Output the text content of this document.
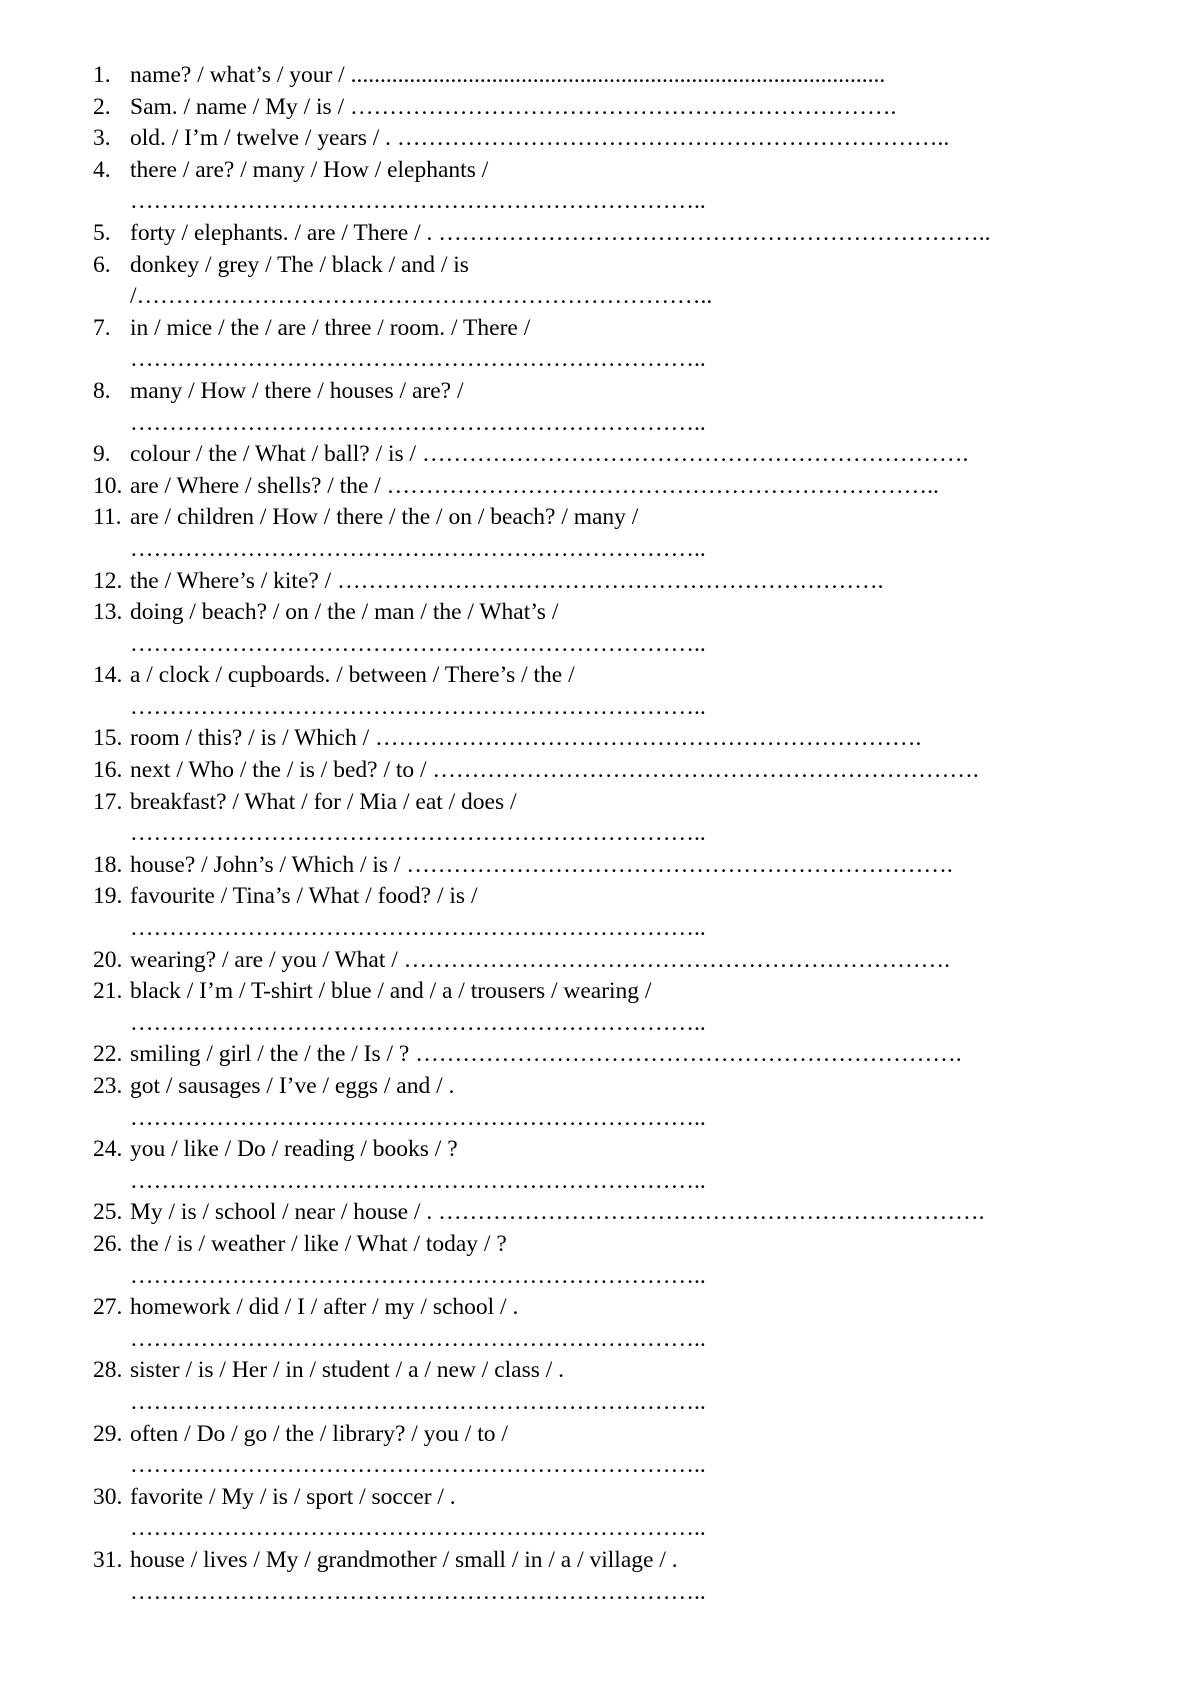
1. name? / what’s / your / ...........................................................................................
2. Sam. / name / My / is / …………………………………………………………….
3. old. / I’m / twelve / years / . ……………………………………………………………..
4. there / are? / many / How / elephants /
………………………………………………………………..
5. forty / elephants. / are / There / . ……………………………………………………………..
6. donkey / grey / The / black / and / is
/………………………………………………………………..
7. in / mice / the / are / three / room. / There /
………………………………………………………………..
8. many / How / there / houses / are? /
………………………………………………………………..
9. colour / the / What / ball? / is / …………………………………………………………….
10. are / Where / shells? / the / ……………………………………………………………..
11. are / children / How / there / the / on / beach? / many /
………………………………………………………………..
12. the / Where’s / kite? / …………………………………………………………….
13. doing / beach? / on / the / man / the / What’s /
………………………………………………………………..
14. a / clock / cupboards. / between / There’s / the /
………………………………………………………………..
15. room / this? / is / Which / …………………………………………………………….
16. next / Who / the / is / bed? / to / …………………………………………………………….
17. breakfast? / What / for / Mia / eat / does /
………………………………………………………………..
18. house? / John’s / Which / is / …………………………………………………………….
19. favourite / Tina’s / What / food? / is /
………………………………………………………………..
20. wearing? / are / you / What / …………………………………………………………….
21. black / I’m / T-shirt / blue / and / a / trousers / wearing /
………………………………………………………………..
22. smiling / girl / the / the / Is / ? …………………………………………………………….
23. got / sausages / I’ve / eggs / and / .
………………………………………………………………..
24. you / like / Do / reading / books / ?
………………………………………………………………..
25. My / is / school / near / house / . …………………………………………………………….
26. the / is / weather / like / What / today / ?
………………………………………………………………..
27. homework / did / I / after / my / school / .
………………………………………………………………..
28. sister / is / Her / in / student / a / new / class / .
………………………………………………………………..
29. often / Do / go / the / library? / you / to /
………………………………………………………………..
30. favorite / My / is / sport / soccer / .
………………………………………………………………..
31. house / lives / My / grandmother / small / in / a / village / .
………………………………………………………………..
